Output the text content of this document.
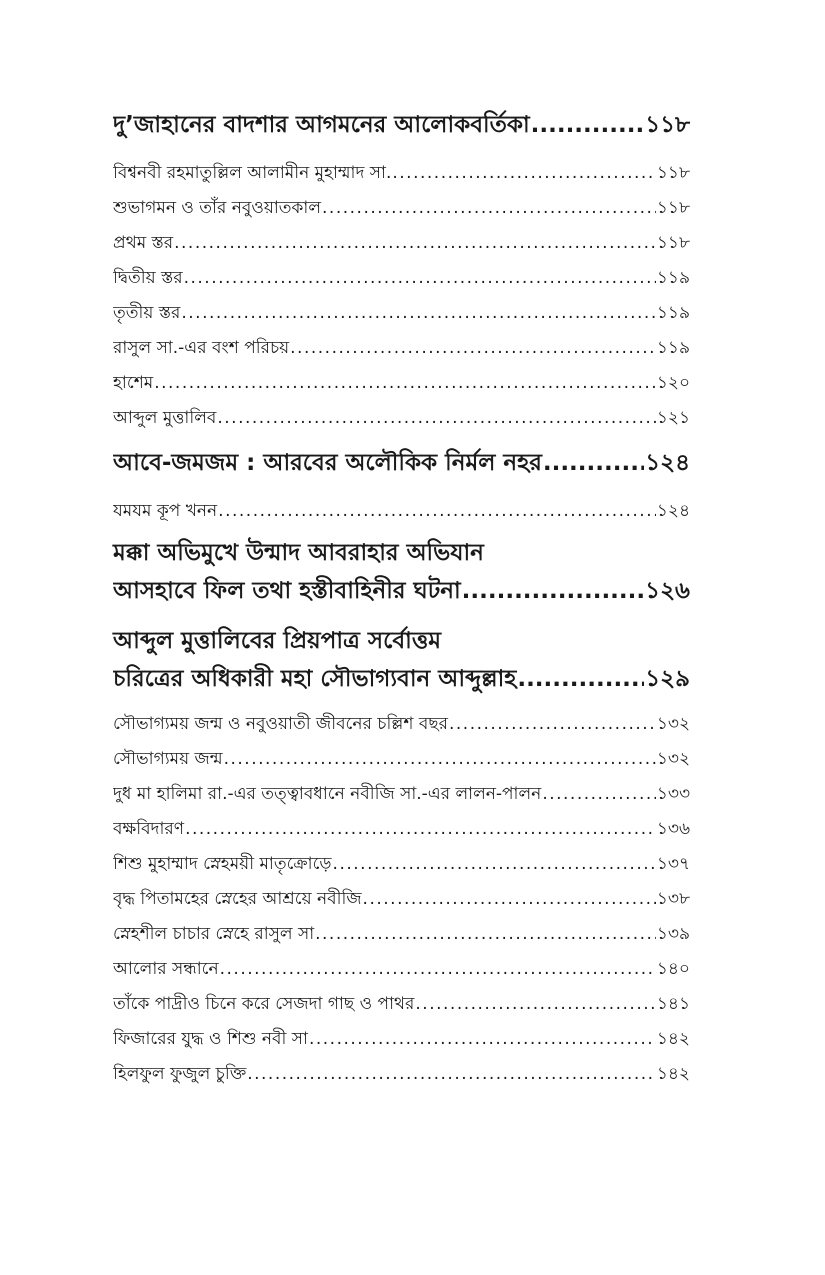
দু’জাহানের বাদশার আগমনের আলোকবর্তিকা .....	১১৮
বিশ্বনবী রহমাতুল্লিল আলামীন মুহাম্মাদ সা. .....	১১৮
শুভাগমন ও তাঁর নবুওয়াতকাল .....	১১৮
প্রথম স্তর .....	১১৮
দ্বিতীয় স্তর .....	১১৯
তৃতীয় স্তর .....	১১৯
রাসুল সা.-এর বংশ পরিচয় .....	১১৯
হাশেম .....	১২০
আব্দুল মুত্তালিব .....	১২১
আবে-জমজম : আরবের অলৌকিক নির্মল নহর .....	১২৪
যমযম কূপ খনন .....	১২৪
মক্কা অভিমুখে উন্মাদ আবরাহার অভিযান
আসহাবে ফিল তথা হস্তীবাহিনীর ঘটনা .....	১২৬
আব্দুল মুত্তালিবের প্রিয়পাত্র সর্বোত্তম
চরিত্রের অধিকারী মহা সৌভাগ্যবান আব্দুল্লাহ .....	১২৯
সৌভাগ্যময় জন্ম ও নবুওয়াতী জীবনের চল্লিশ বছর .....	১৩২
সৌভাগ্যময় জন্ম .....	১৩২
দুধ মা হালিমা রা.-এর তত্ত্বাবধানে নবীজি সা.-এর লালন-পালন .....	১৩৩
বক্ষবিদারণ .....	১৩৬
শিশু মুহাম্মাদ স্নেহময়ী মাতৃক্রোড়ে .....	১৩৭
বৃদ্ধ পিতামহের স্নেহের আশ্রয়ে নবীজি .....	১৩৮
স্নেহশীল চাচার স্নেহে রাসুল সা .....	১৩৯
আলোর সন্ধানে .....	১৪০
তাঁকে পাদ্রীও চিনে করে সেজদা গাছ ও পাথর .....	১৪১
ফিজারের যুদ্ধ ও শিশু নবী সা .....	১৪২
হিলফুল ফুজুল চুক্তি .....	১৪২
